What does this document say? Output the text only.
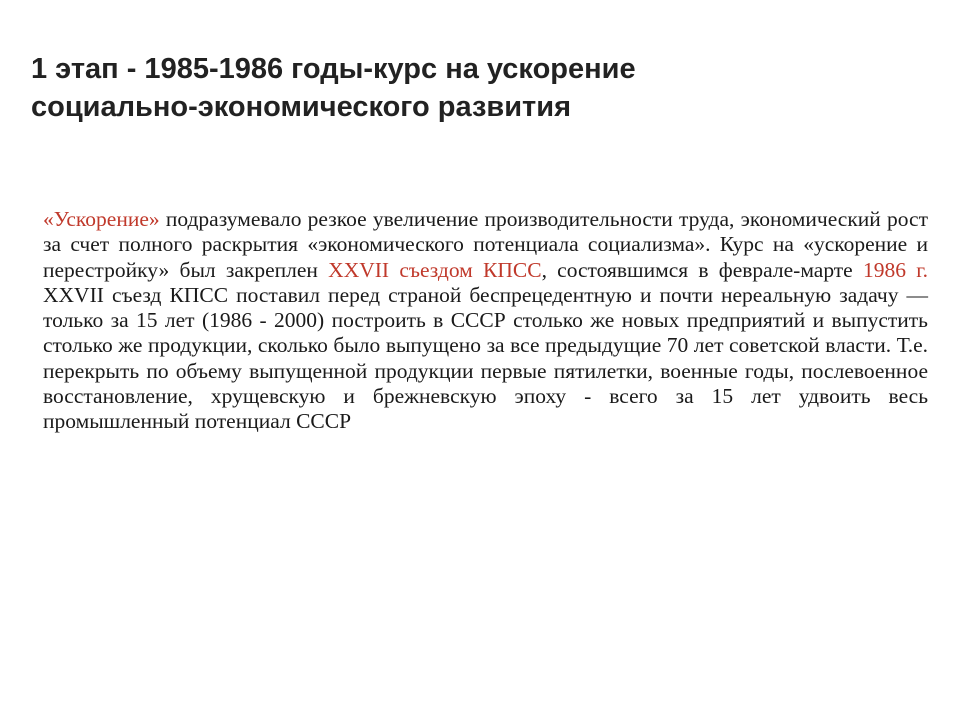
1 этап - 1985-1986 годы-курс на ускорение
социально-экономического развития

«Ускорение» подразумевало резкое увеличение производительности труда, экономический рост за счет полного раскрытия «экономического потенциала социализма». Курс на «ускорение и перестройку» был закреплен XXVII съездом КПСС, состоявшимся в феврале-марте 1986 г. XXVII съезд КПСС поставил перед страной беспрецедентную и почти нереальную задачу — только за 15 лет (1986 - 2000) построить в СССР столько же новых предприятий и выпустить столько же продукции, сколько было выпущено за все предыдущие 70 лет советской власти. Т.е. перекрыть по объему выпущенной продукции первые пятилетки, военные годы, послевоенное восстановление, хрущевскую и брежневскую эпоху - всего за 15 лет удвоить весь промышленный потенциал СССР
